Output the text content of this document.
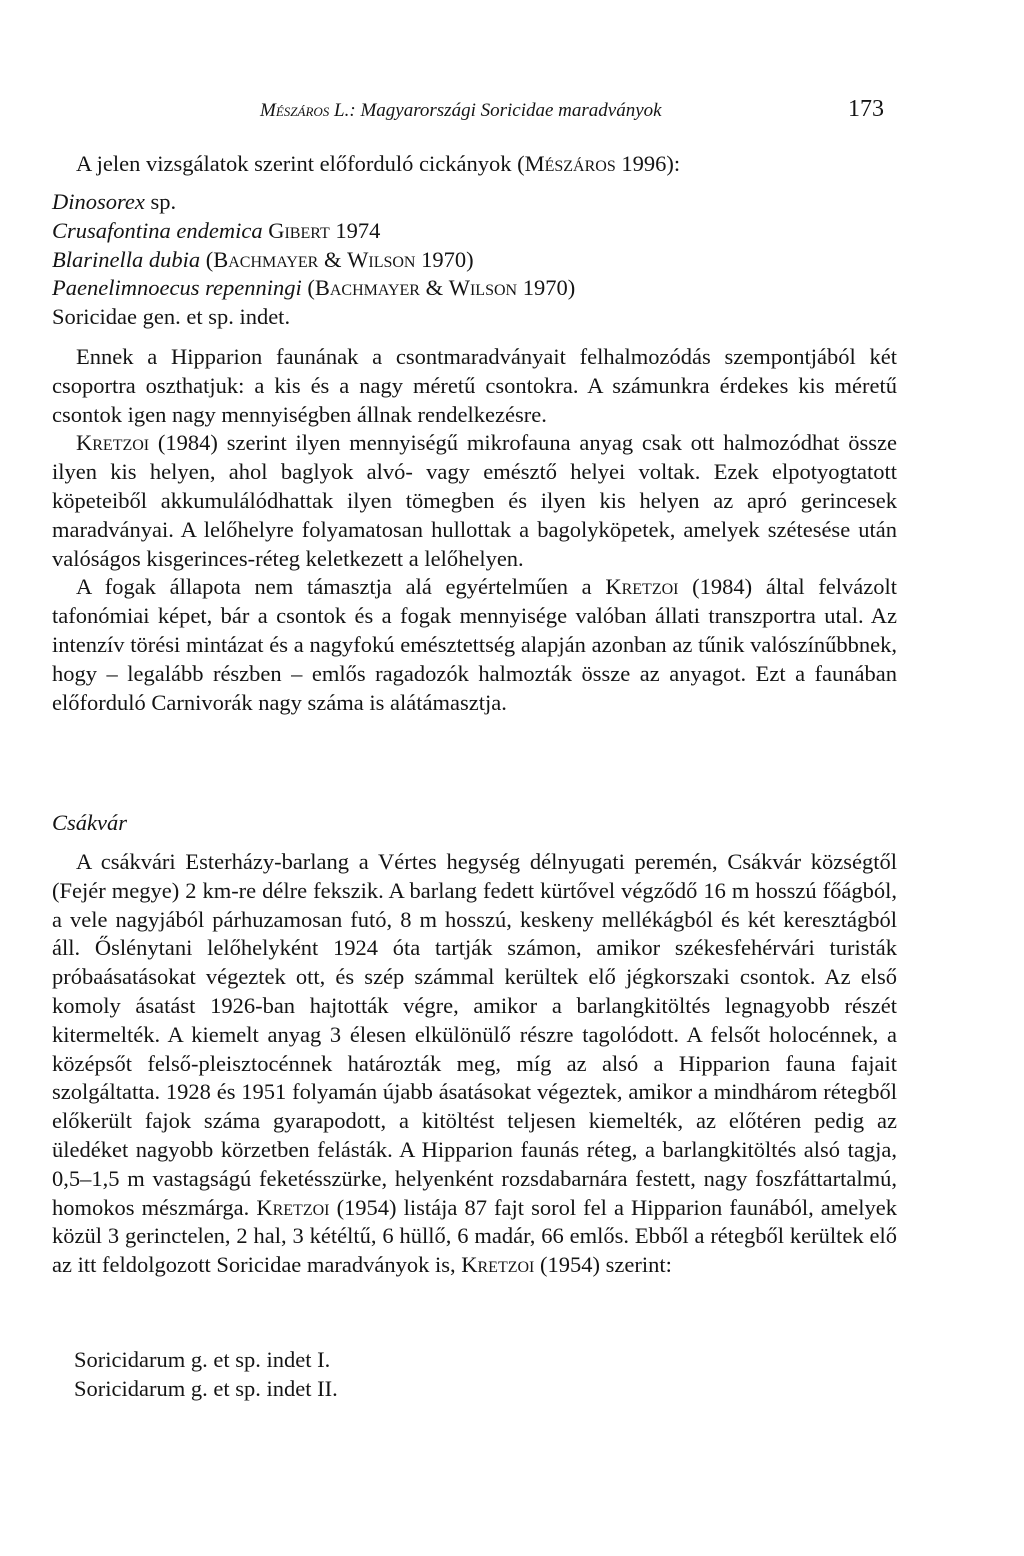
Mészáros L.: Magyarországi Soricidae maradványok	173

A jelen vizsgálatok szerint előforduló cickányok (Mészáros 1996):

Dinosorex sp.
Crusafontina endemica Gibert 1974
Blarinella dubia (Bachmayer & Wilson 1970)
Paenelimnoecus repenningi (Bachmayer & Wilson 1970)
Soricidae gen. et sp. indet.

Ennek a Hipparion faunának a csontmaradványait felhalmozódás szempontjából két csoportra oszthatjuk: a kis és a nagy méretű csontokra. A számunkra érdekes kis méretű csontok igen nagy mennyiségben állnak rendelkezésre.

Kretzoi (1984) szerint ilyen mennyiségű mikrofauna anyag csak ott halmozódhat össze ilyen kis helyen, ahol baglyok alvó- vagy emésztő helyei voltak. Ezek elpotyogtatott köpeteiből akkumulálódhattak ilyen tömegben és ilyen kis helyen az apró gerincesek maradványai. A lelőhelyre folyamatosan hullottak a bagolyköpetek, amelyek szétesése után valóságos kisgerinces-réteg keletkezett a lelőhelyen.

A fogak állapota nem támasztja alá egyértelműen a Kretzoi (1984) által felvázolt tafonómiai képet, bár a csontok és a fogak mennyisége valóban állati transzportra utal. Az intenzív törési mintázat és a nagyfokú emésztettség alapján azonban az tűnik valószínűbbnek, hogy – legalább részben – emlős ragadozók halmozták össze az anyagot. Ezt a faunában előforduló Carnivorák nagy száma is alátámasztja.

Csákvár

A csákvári Esterházy-barlang a Vértes hegység délnyugati peremén, Csákvár községtől (Fejér megye) 2 km-re délre fekszik. A barlang fedett kürtővel végződő 16 m hosszú főágból, a vele nagyjából párhuzamosan futó, 8 m hosszú, keskeny mellékágból és két keresztágból áll. Őslénytani lelőhelyként 1924 óta tartják számon, amikor székesfehérvári turisták próbaásatásokat végeztek ott, és szép számmal kerültek elő jégkorszaki csontok. Az első komoly ásatást 1926-ban hajtották végre, amikor a barlangkitöltés legnagyobb részét kitermelték. A kiemelt anyag 3 élesen elkülönülő részre tagolódott. A felsőt holocénnek, a középsőt felső-pleisztocénnek határozták meg, míg az alsó a Hipparion fauna fajait szolgáltatta. 1928 és 1951 folyamán újabb ásatásokat végeztek, amikor a mindhárom rétegből előkerült fajok száma gyarapodott, a kitöltést teljesen kiemelték, az előtéren pedig az üledéket nagyobb körzetben felásták. A Hipparion faunás réteg, a barlangkitöltés alsó tagja, 0,5–1,5 m vastagságú feketésszürke, helyenként rozsdabarnára festett, nagy foszfáttartalmú, homokos mészmárga. Kretzoi (1954) listája 87 fajt sorol fel a Hipparion faunából, amelyek közül 3 gerinctelen, 2 hal, 3 kétéltű, 6 hüllő, 6 madár, 66 emlős. Ebből a rétegből kerültek elő az itt feldolgozott Soricidae maradványok is, Kretzoi (1954) szerint:

Soricidarum g. et sp. indet I.
Soricidarum g. et sp. indet II.
